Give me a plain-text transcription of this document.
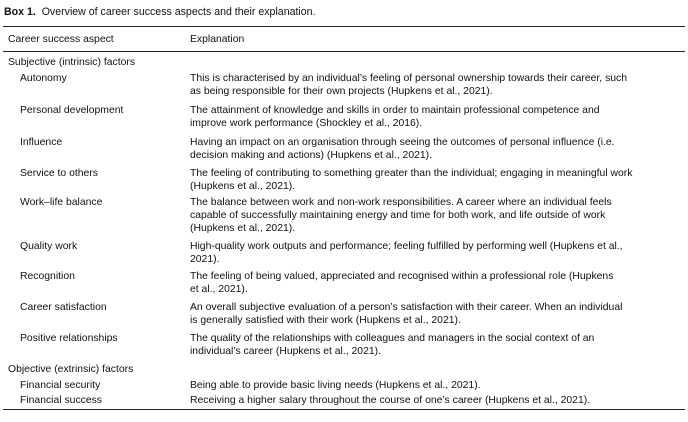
Box 1. Overview of career success aspects and their explanation.
Career success aspect	Explanation
Subjective (intrinsic) factors
Autonomy	This is characterised by an individual’s feeling of personal ownership towards their career, such
as being responsible for their own projects (Hupkens et al., 2021).
Personal development	The attainment of knowledge and skills in order to maintain professional competence and
improve work performance (Shockley et al., 2016).
Influence	Having an impact on an organisation through seeing the outcomes of personal influence (i.e.
decision making and actions) (Hupkens et al., 2021).
Service to others	The feeling of contributing to something greater than the individual; engaging in meaningful work
(Hupkens et al., 2021).
Work–life balance	The balance between work and non-work responsibilities. A career where an individual feels
capable of successfully maintaining energy and time for both work, and life outside of work
(Hupkens et al., 2021).
Quality work	High-quality work outputs and performance; feeling fulfilled by performing well (Hupkens et al.,
2021).
Recognition	The feeling of being valued, appreciated and recognised within a professional role (Hupkens
et al., 2021).
Career satisfaction	An overall subjective evaluation of a person’s satisfaction with their career. When an individual
is generally satisfied with their work (Hupkens et al., 2021).
Positive relationships	The quality of the relationships with colleagues and managers in the social context of an
individual’s career (Hupkens et al., 2021).
Objective (extrinsic) factors
Financial security	Being able to provide basic living needs (Hupkens et al., 2021).
Financial success	Receiving a higher salary throughout the course of one’s career (Hupkens et al., 2021).
